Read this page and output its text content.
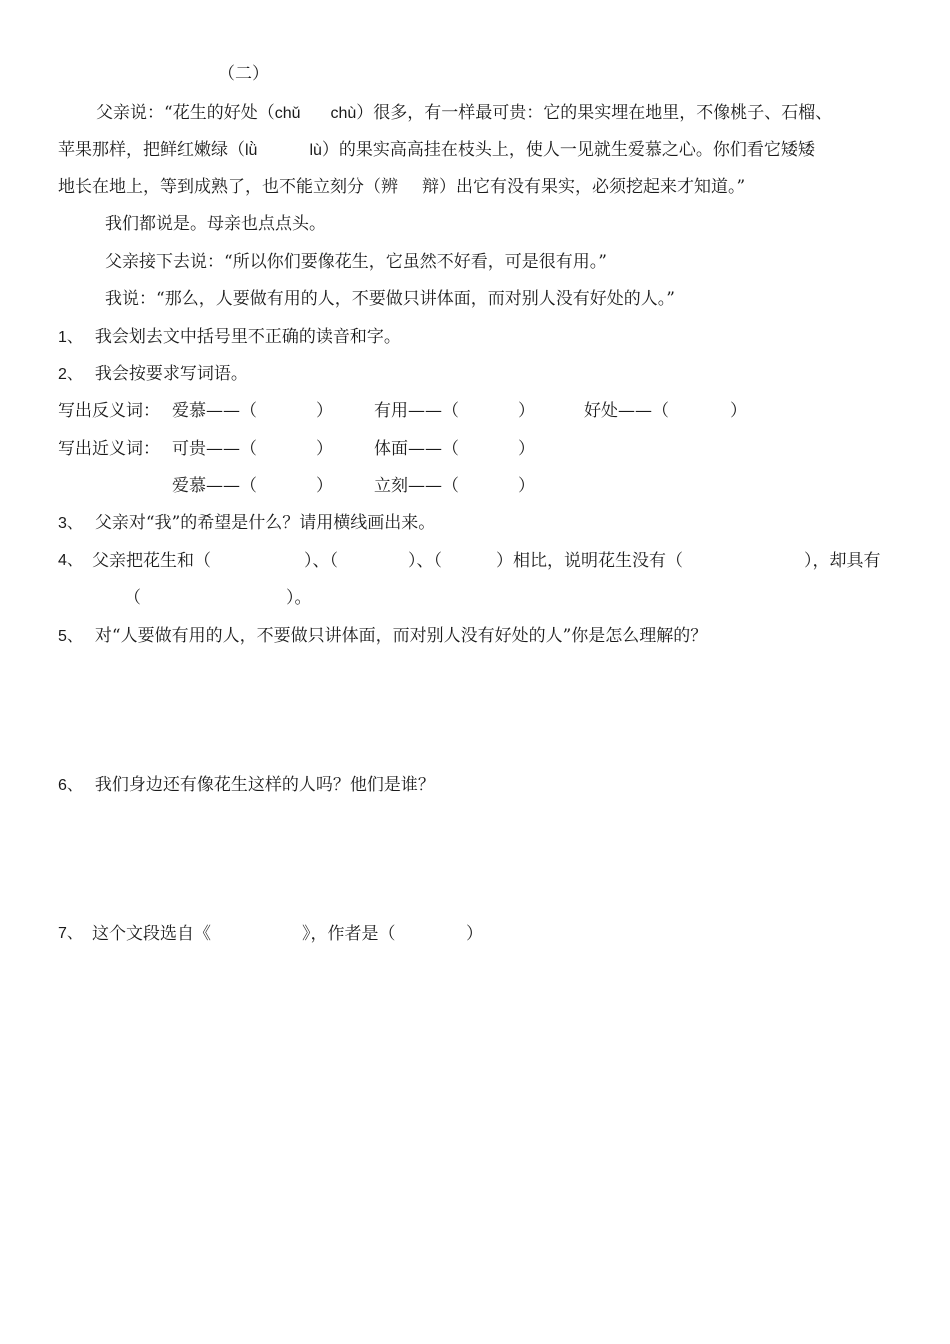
（二）
父亲说：“花生的好处（chǔ chù）很多，有一样最可贵：它的果实埋在地里，不像桃子、石榴、
苹果那样，把鲜红嫩绿（lǜ	lù）的果实高高挂在枝头上，使人一见就生爱慕之心。你们看它矮矮
地长在地上，等到成熟了，也不能立刻分（辨 辩）出它有没有果实，必须挖起来才知道。”
我们都说是。母亲也点点头。
父亲接下去说：“所以你们要像花生，它虽然不好看，可是很有用。”
我说：“那么，人要做有用的人，不要做只讲体面，而对别人没有好处的人。”
1、 我会划去文中括号里不正确的读音和字。
2、 我会按要求写词语。
写出反义词： 爱慕——（	） 有用——（	）	好处——（	）
写出近义词： 可贵——（	） 体面——（	）
爱慕——（	） 立刻——（	）
3、 父亲对“我”的希望是什么？请用横线画出来。
4、 父亲把花生和（	）、（	）、（	）相比，说明花生没有（	），却具有
（	）。
5、 对“人要做有用的人，不要做只讲体面，而对别人没有好处的人”你是怎么理解的？
6、 我们身边还有像花生这样的人吗？他们是谁？
7、 这个文段选自《	》，作者是（	）
